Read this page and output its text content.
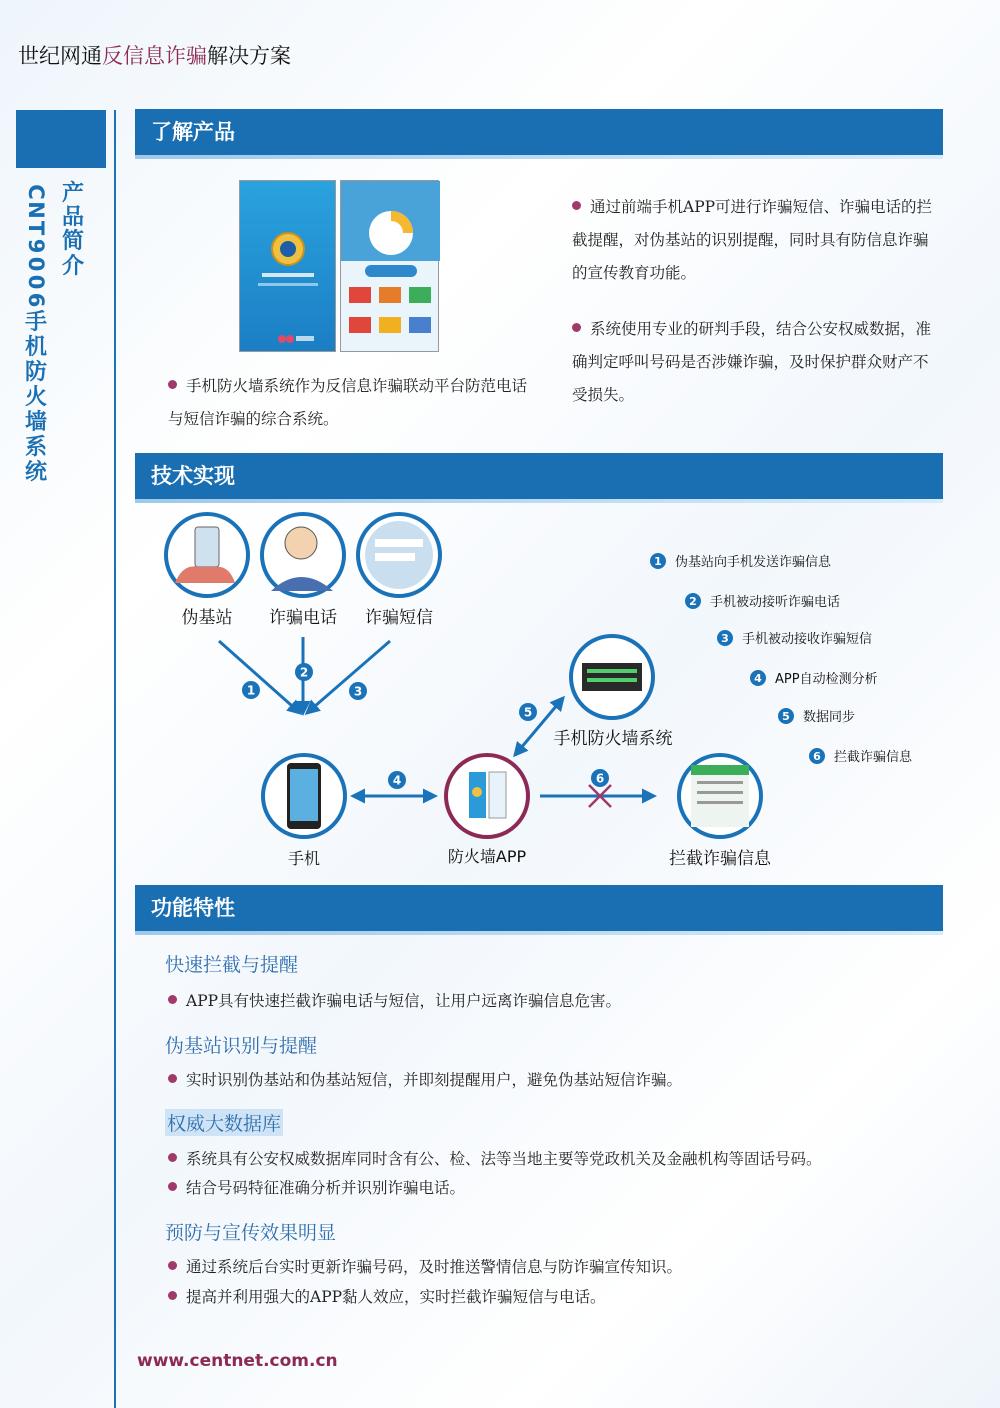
世纪网通反信息诈骗解决方案
产
品
简
介
C
N
T
9
0
0
6
手
机
防
火
墙
系
统
了解产品
手机防火墙系统作为反信息诈骗联动平台防范电话与短信诈骗的综合系统。
通过前端手机APP可进行诈骗短信、诈骗电话的拦截提醒，对伪基站的识别提醒，同时具有防信息诈骗的宣传教育功能。
系统使用专业的研判手段，结合公安权威数据，准确判定呼叫号码是否涉嫌诈骗，及时保护群众财产不受损失。
技术实现
伪基站 诈骗电话 诈骗短信
手机	防火墙APP
手机防火墙系统
拦截诈骗信息
1
2
3
4
5
6
1 伪基站向手机发送诈骗信息
2 手机被动接听诈骗电话
3 手机被动接收诈骗短信
4 APP自动检测分析
5 数据同步
6 拦截诈骗信息
功能特性
快速拦截与提醒
APP具有快速拦截诈骗电话与短信，让用户远离诈骗信息危害。
伪基站识别与提醒
实时识别伪基站和伪基站短信，并即刻提醒用户，避免伪基站短信诈骗。
权威大数据库
系统具有公安权威数据库同时含有公、检、法等当地主要等党政机关及金融机构等固话号码。
结合号码特征准确分析并识别诈骗电话。
预防与宣传效果明显
通过系统后台实时更新诈骗号码，及时推送警情信息与防诈骗宣传知识。
提高并利用强大的APP黏人效应，实时拦截诈骗短信与电话。
www.centnet.com.cn
